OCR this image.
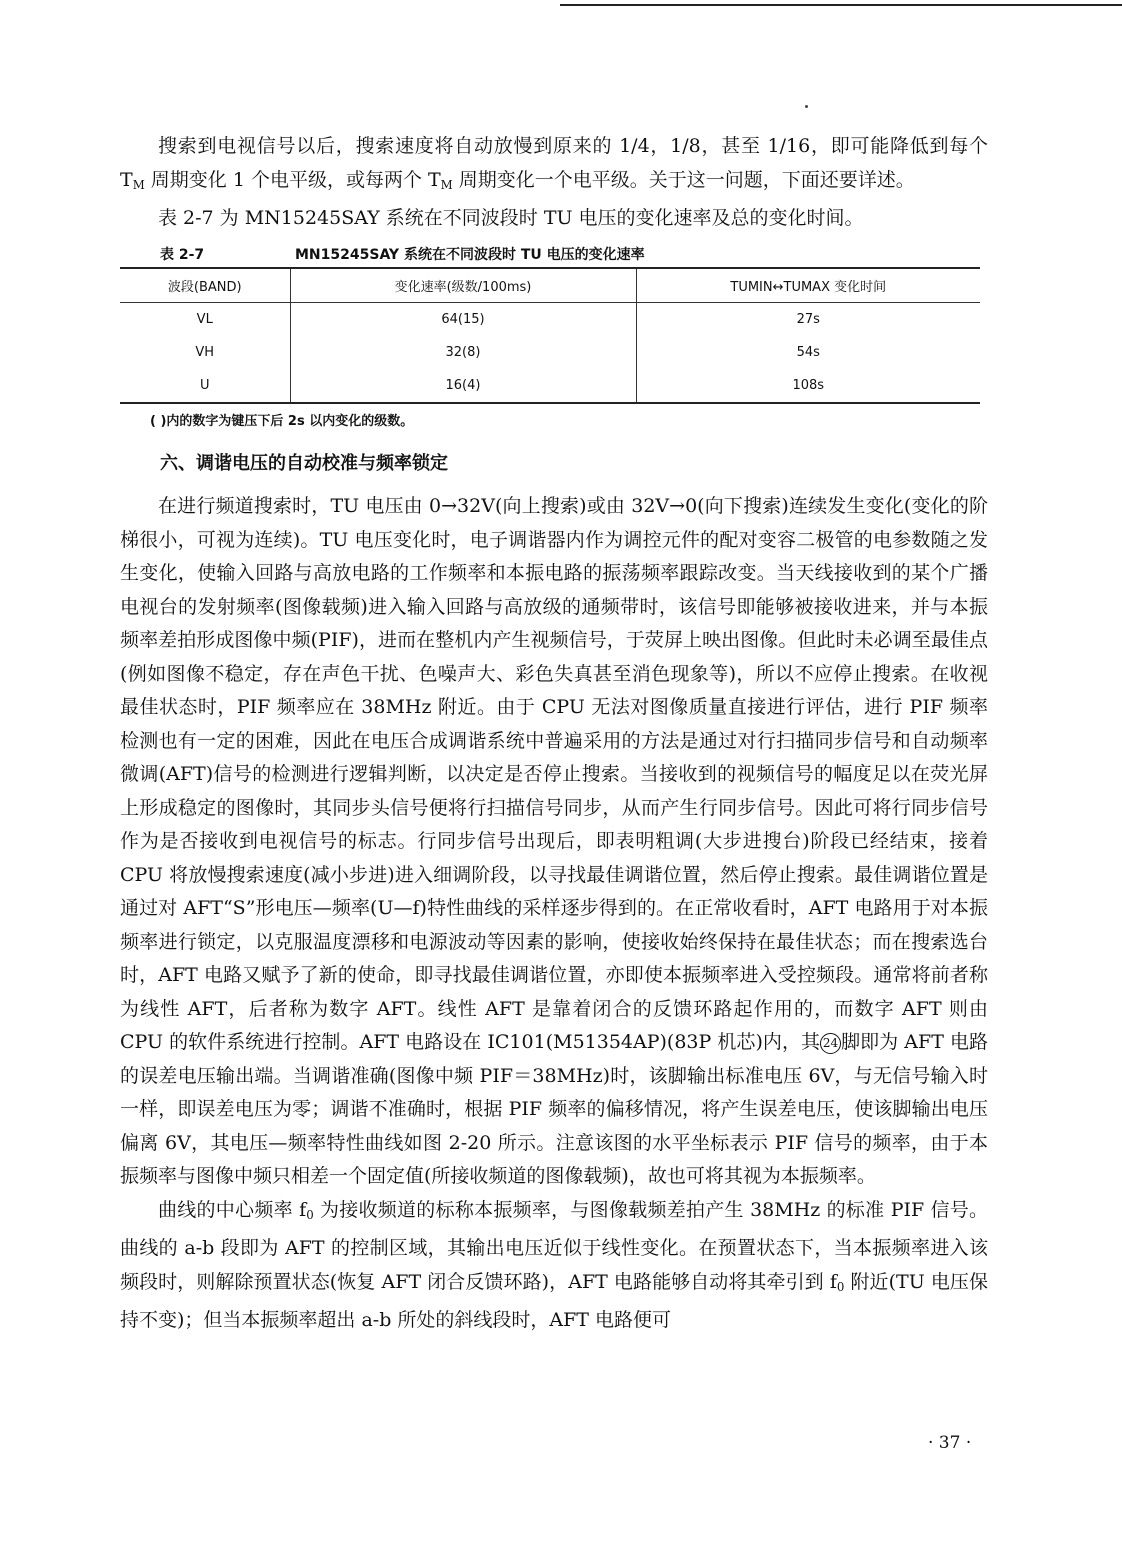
搜索到电视信号以后，搜索速度将自动放慢到原来的 1/4，1/8，甚至 1/16，即可能降低到每个 $T_M$ 周期变化 1 个电平级，或每两个 $T_M$ 周期变化一个电平级。关于这一问题，下面还要详述。

表 2-7 为 MN15245SAY 系统在不同波段时 TU 电压的变化速率及总的变化时间。

表 2-7	MN15245SAY 系统在不同波段时 TU 电压的变化速率
波段(BAND)	变化速率(级数/100ms)	TUMIN↔TUMAX 变化时间
VL	64(15)	27s
VH	32(8)	54s
U	16(4)	108s
( )内的数字为键压下后 2s 以内变化的级数。
六、调谐电压的自动校准与频率锁定

在进行频道搜索时，TU 电压由 0→32V(向上搜索)或由 32V→0(向下搜索)连续发生变化(变化的阶梯很小，可视为连续)。TU 电压变化时，电子调谐器内作为调控元件的配对变容二极管的电参数随之发生变化，使输入回路与高放电路的工作频率和本振电路的振荡频率跟踪改变。当天线接收到的某个广播电视台的发射频率(图像载频)进入输入回路与高放级的通频带时，该信号即能够被接收进来，并与本振频率差拍形成图像中频(PIF)，进而在整机内产生视频信号，于荧屏上映出图像。但此时未必调至最佳点(例如图像不稳定，存在声色干扰、色噪声大、彩色失真甚至消色现象等)，所以不应停止搜索。在收视最佳状态时，PIF 频率应在 38MHz 附近。由于 CPU 无法对图像质量直接进行评估，进行 PIF 频率检测也有一定的困难，因此在电压合成调谐系统中普遍采用的方法是通过对行扫描同步信号和自动频率微调(AFT)信号的检测进行逻辑判断，以决定是否停止搜索。当接收到的视频信号的幅度足以在荧光屏上形成稳定的图像时，其同步头信号便将行扫描信号同步，从而产生行同步信号。因此可将行同步信号作为是否接收到电视信号的标志。行同步信号出现后，即表明粗调(大步进搜台)阶段已经结束，接着 CPU 将放慢搜索速度(减小步进)进入细调阶段，以寻找最佳调谐位置，然后停止搜索。最佳调谐位置是通过对 AFT“S”形电压—频率(U—f)特性曲线的采样逐步得到的。在正常收看时，AFT 电路用于对本振频率进行锁定，以克服温度漂移和电源波动等因素的影响，使接收始终保持在最佳状态；而在搜索选台时，AFT 电路又赋予了新的使命，即寻找最佳调谐位置，亦即使本振频率进入受控频段。通常将前者称为线性 AFT，后者称为数字 AFT。线性 AFT 是靠着闭合的反馈环路起作用的，而数字 AFT 则由 CPU 的软件系统进行控制。AFT 电路设在 IC101(M51354AP)(83P 机芯)内，其 24 脚即为 AFT 电路的误差电压输出端。当调谐准确(图像中频 PIF＝38MHz)时，该脚输出标准电压 6V，与无信号输入时一样，即误差电压为零；调谐不准确时，根据 PIF 频率的偏移情况，将产生误差电压，使该脚输出电压偏离 6V，其电压—频率特性曲线如图 2-20 所示。注意该图的水平坐标表示 PIF 信号的频率，由于本振频率与图像中频只相差一个固定值(所接收频道的图像载频)，故也可将其视为本振频率。

曲线的中心频率 $f_0$ 为接收频道的标称本振频率，与图像载频差拍产生 38MHz 的标准 PIF 信号。曲线的 a-b 段即为 AFT 的控制区域，其输出电压近似于线性变化。在预置状态下，当本振频率进入该频段时，则解除预置状态(恢复 AFT 闭合反馈环路)，AFT 电路能够自动将其牵引到 $f_0$ 附近(TU 电压保持不变)；但当本振频率超出 a-b 所处的斜线段时，AFT 电路便可

· 37 ·
